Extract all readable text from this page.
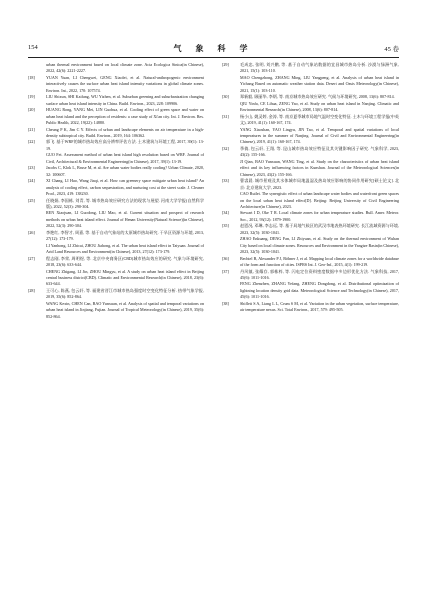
154	气 象 科 学	45 卷
urban thermal environment based on local climate zone. Acta Ecologica Sinica(in Chinese), 2022, 42(6): 2221-2227.
[18]	YUAN Yuan, LI Chengwei, GENG Xiaolei, et al. Natural-anthropogenic environment interactively causes the surface urban heat island intensity variations in global climate zones. Environ. Int., 2022, 170: 107574.
[19]	LIU Shixun, SHI Kaifang, WU Yizhen, et al. Suburban greening and suburbanization changing surface urban heat island intensity in China. Build. Environ., 2023, 228: 109906.
[20]	HUANG Rong, YANG Mei, LIN Guohua, et al. Cooling effect of green space and water on urban heat island and the perception of residents: a case study of Xi'an city. Int. J. Environ. Res. Public Health, 2022, 19(22): 14880.
[21]	Cheung P K, Jim C Y. Effects of urban and landscape elements on air temperature in a high-density subtropical city. Build. Environ., 2019, 164: 106362.
[22]	郭飞. 基于WRF的城市热岛效应高分辨率评估方法. 土木建筑与环境工程, 2017, 39(1): 13-19.
GUO Fei. Assessment method of urban heat island high resolution based on WRF. Journal of Civil, Architectural & Environmental Engineering(in Chinese), 2017, 39(1): 13-19.
[23]	Jacobs C, Klok L, Bruse M, et al. Are urban water bodies really cooling? Urban Climate, 2020, 32: 100607.
[24]	XI Chang, LI Hao, Wang Jiaqi, et al. How can greenery space mitigate urban heat island? An analysis of cooling effect, carbon sequestration, and nurturing cost at the street scale. J. Cleaner Prod., 2023, 419: 138230.
[25]	任晓娟, 李国栋, 刘青, 等. 城市热岛效应研究方法的现状与展望. 河南大学学报(自然科学版), 2022, 52(3): 290-304.
REN Xiaojuan, LI Guodong, LIU Mao, et al. Current situation and prospect of research methods on urban heat island effect. Journal of Henan University(Natural Science)(in Chinese), 2022, 52(3): 290-304.
[26]	李艳红, 李智才, 周嘉, 等. 基于自动气象站的太原城市热岛研究. 干旱区资源与环境, 2013, 27(12): 173-179.
LI Yanhong, LI Zhicai, ZHOU Jiahong, et al. The urban heat island effect in Taiyuan. Journal of Arid Land Resources and Environment(in Chinese), 2013, 27(12): 173-179.
[27]	程志刚, 李荣, 周明煜, 等. 北京中央商务区(CBD)城市热岛效应的研究. 气象与环境研究, 2018, 23(6): 633-644.
CHENG Zhigang, LI Jin, ZHOU Mingyu, et al. A study on urban heat island effect in Beijing central business district(CBD). Climatic and Environmental Research(in Chinese), 2018, 23(6): 633-644.
[28]	王可心, 陈燕, 包云轩, 等. 福建省晋江市城市热岛强度时空变化特征分析. 热带气象学报, 2019, 35(6): 852-864.
WANG Kexin, CHEN Can, BAO Yunxuan, et al. Analysis of spatial and temporal variations on urban heat island in Jinjiang, Fujian. Journal of Tropical Meteorology(in Chinese), 2019, 35(6): 852-864.
[29]	毛成忠, 张明, 刘兴鹏, 等. 基于自动气象站数据的宜昌城市热岛分析. 沙漠与绿洲气象, 2021, 15(1): 103-110.
MAO Chengzhong, ZHANG Ming, LIU Yangpeng, et al. Analysis of urban heat island in Yichang Based on automatic weather station data. Desert and Oasis Meteorology(in Chinese), 2021, 15(1): 103-110.
[30]	郑新毅, 顾丽华, 李炳, 等. 南京城市热岛效应研究. 气候与环境研究, 2008, 13(6): 807-814.
QIU Yinfa, CE Lihua, ZENG Yao, et al. Study on urban heat island in Nanjing. Climatic and Environmental Research(in Chinese), 2008, 13(6): 807-814.
[31]	杨小山, 姚灵婷, 金涛, 等. 南京夏季城市局地气温时空变化特征. 土木与环境工程学报(中英文), 2019, 41(1): 160-167, 174.
YANG Xiaoshan, YAO Lingyu, JIN Tao, et al. Temporal and spatial variations of local temperatures in the summer of Nanjing. Journal of Civil and Environmental Engineering(in Chinese), 2019, 41(1): 160-167, 174.
[32]	季倩, 包云轩, 王翔, 等. 昆山城市热岛效应特征及其关键影响因子研究. 气象科学, 2023, 43(2): 155-166.
JI Qian, BAO Yunxuan, WANG Ting, et al. Study on the characteristics of urban heat island effect and its key influencing factors in Kunshan. Journal of the Meteorological Sciences(in Chinese), 2023, 43(2): 155-166.
[33]	曹睿晨. 城市景观及其水体城市局地温湿及热岛效应影响的协同作用研究[硕士论文]. 北京: 北京建筑大学, 2023.
CAO Ruilei. The synergistic effect of urban landscape water bodies and waterfront green spaces on the local urban heat island effect[D]. Beijing: Beijing University of Civil Engineering Architecture(in Chinese), 2023.
[34]	Stewart I D, Oke T R. Local climate zones for urban temperature studies. Bull. Amer. Meteor. Soc., 2012, 93(12): 1879-1900.
[35]	赵恩况, 邓琳, 李志远, 等. 基于局地气候区的武汉市地表热环境研究. 长江流域资源与环境, 2023, 32(5): 1030-1041.
ZHAO Enkuang, DENG Fan, LI Zhiyuan, et al. Study on the thermal environment of Wuhan City based on local climate zones. Resources and Environment in the Yangtze Basin(in Chinese), 2023, 32(5): 1030-1041.
[36]	Bechtel B, Alexander P J, Böhner J, et al. Mapping local climate zones for a worldwide database of the form and function of cities. ISPRS Int. J. Geo-Inf., 2015, 4(1): 199-219.
[37]	丹风镇, 张耀存, 郭栋梓, 等. 闪电定位资料密度数据中多边形优化方法. 气象科技, 2017, 45(6): 1011-1016.
FENG Zhenzhen, ZHANG Yefang, ZHENG Dongdong, et al. Distributional optimization of lightning location density grid data. Meteorological Science and Technology(in Chinese), 2017, 45(6): 1011-1016.
[38]	Shiflett S A, Liang L L, Crum S M, et al. Variation in the urban vegetation, surface temperature, air temperature nexus. Sci. Total Environ., 2017, 579: 495-505.
